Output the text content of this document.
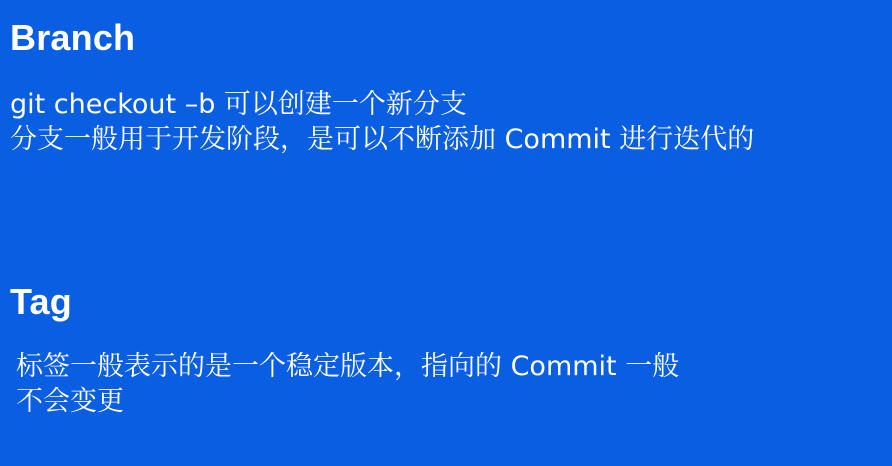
Branch
git checkout –b 可以创建一个新分支
分支一般用于开发阶段，是可以不断添加 Commit 进行迭代的
Tag
标签一般表示的是一个稳定版本，指向的 Commit 一般
不会变更
